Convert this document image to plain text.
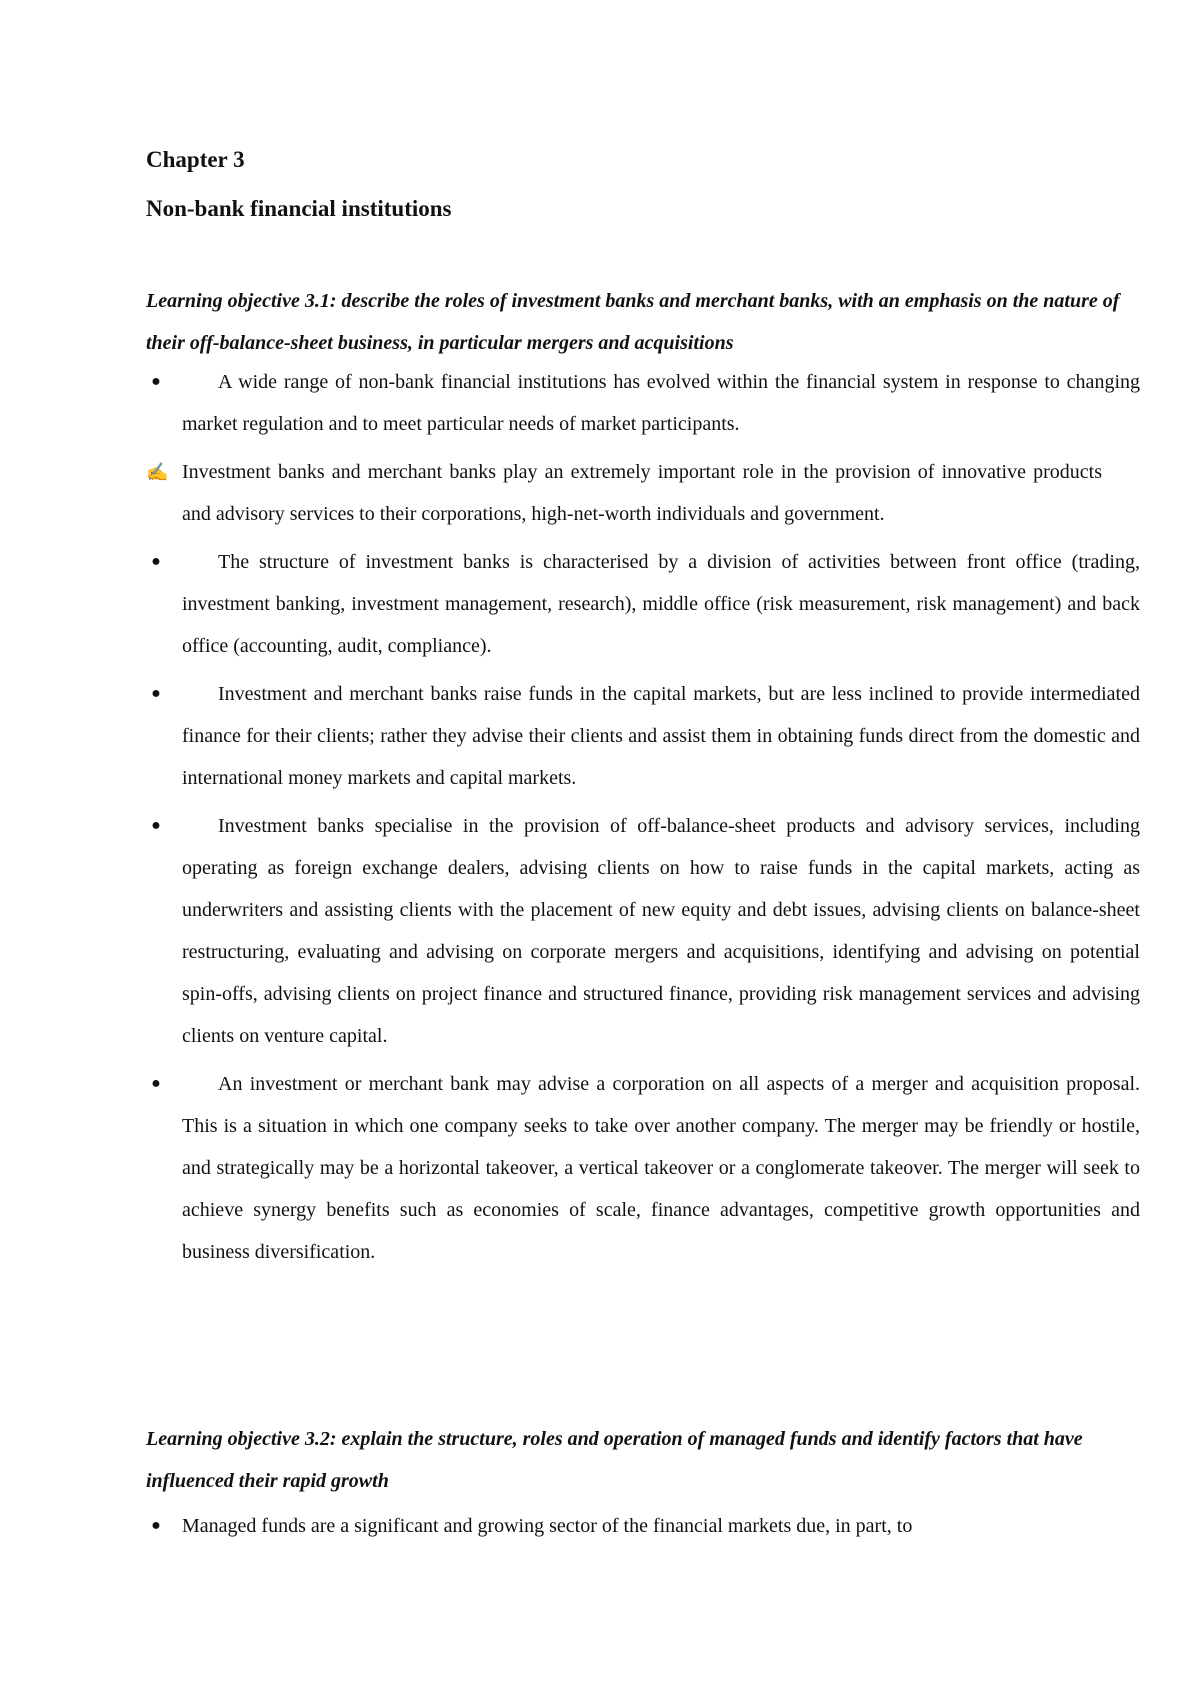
Chapter 3
Non-bank financial institutions

Learning objective 3.1: describe the roles of investment banks and merchant banks, with an emphasis on the nature of their off-balance-sheet business, in particular mergers and acquisitions

●	A wide range of non-bank financial institutions has evolved within the financial system in response to changing market regulation and to meet particular needs of market participants.
✍ Investment banks and merchant banks play an extremely important role in the provision of innovative products and advisory services to their corporations, high-net-worth individuals and government.
●	The structure of investment banks is characterised by a division of activities between front office (trading, investment banking, investment management, research), middle office (risk measurement, risk management) and back office (accounting, audit, compliance).
●	Investment and merchant banks raise funds in the capital markets, but are less inclined to provide intermediated finance for their clients; rather they advise their clients and assist them in obtaining funds direct from the domestic and international money markets and capital markets.
●	Investment banks specialise in the provision of off-balance-sheet products and advisory services, including operating as foreign exchange dealers, advising clients on how to raise funds in the capital markets, acting as underwriters and assisting clients with the placement of new equity and debt issues, advising clients on balance-sheet restructuring, evaluating and advising on corporate mergers and acquisitions, identifying and advising on potential spin-offs, advising clients on project finance and structured finance, providing risk management services and advising clients on venture capital.
●	An investment or merchant bank may advise a corporation on all aspects of a merger and acquisition proposal. This is a situation in which one company seeks to take over another company. The merger may be friendly or hostile, and strategically may be a horizontal takeover, a vertical takeover or a conglomerate takeover. The merger will seek to achieve synergy benefits such as economies of scale, finance advantages, competitive growth opportunities and business diversification.

Learning objective 3.2: explain the structure, roles and operation of managed funds and identify factors that have influenced their rapid growth

● Managed funds are a significant and growing sector of the financial markets due, in part, to
